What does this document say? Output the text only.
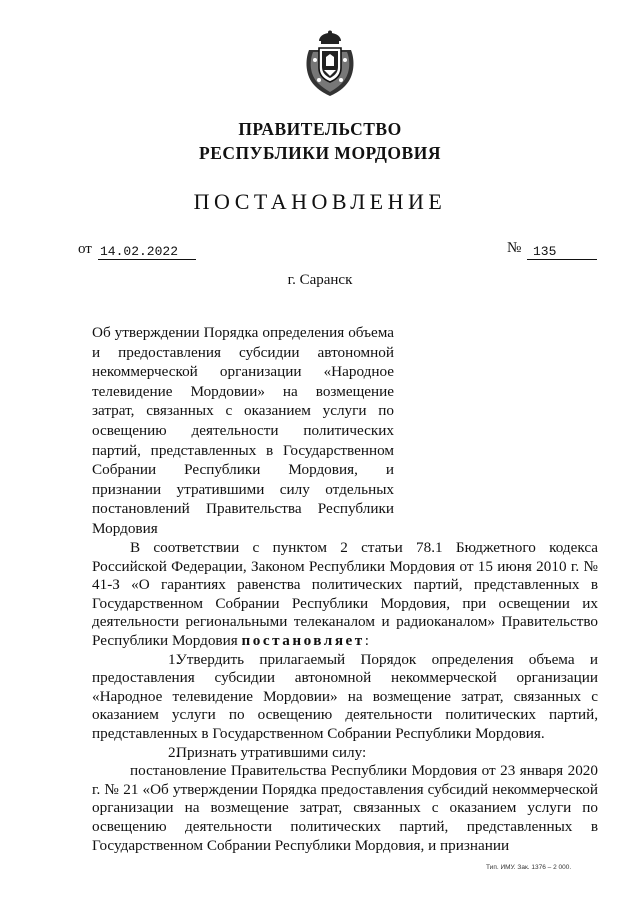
ПРАВИТЕЛЬСТВО
РЕСПУБЛИКИ МОРДОВИЯ
ПОСТАНОВЛЕНИЕ
от 14.02.2022	№ 135
г. Саранск
Об утверждении Порядка определения объема и предоставления субсидии автономной некоммерческой организации «Народное телевидение Мордовии» на возмещение затрат, связанных с оказанием услуги по освещению деятельности политических партий, представленных в Государственном Собрании Республики Мордовия, и признании утратившими силу отдельных постановлений Правительства Республики Мордовия

В соответствии с пунктом 2 статьи 78.1 Бюджетного кодекса Российской Федерации, Законом Республики Мордовия от 15 июня 2010 г. № 41-З «О гарантиях равенства политических партий, представленных в Государственном Собрании Республики Мордовия, при освещении их деятельности региональными телеканалом и радиоканалом» Правительство Республики Мордовия постановляет:

1.Утвердить прилагаемый Порядок определения объема и предоставления субсидии автономной некоммерческой организации «Народное телевидение Мордовии» на возмещение затрат, связанных с оказанием услуги по освещению деятельности политических партий, представленных в Государственном Собрании Республики Мордовия.

2.Признать утратившими силу:

постановление Правительства Республики Мордовия от 23 января 2020 г. № 21 «Об утверждении Порядка предоставления субсидий некоммерческой организации на возмещение затрат, связанных с оказанием услуги по освещению деятельности политических партий, представленных в Государственном Собрании Республики Мордовия, и признании

Тип. ИМУ. Зак. 1376 – 2 000.
